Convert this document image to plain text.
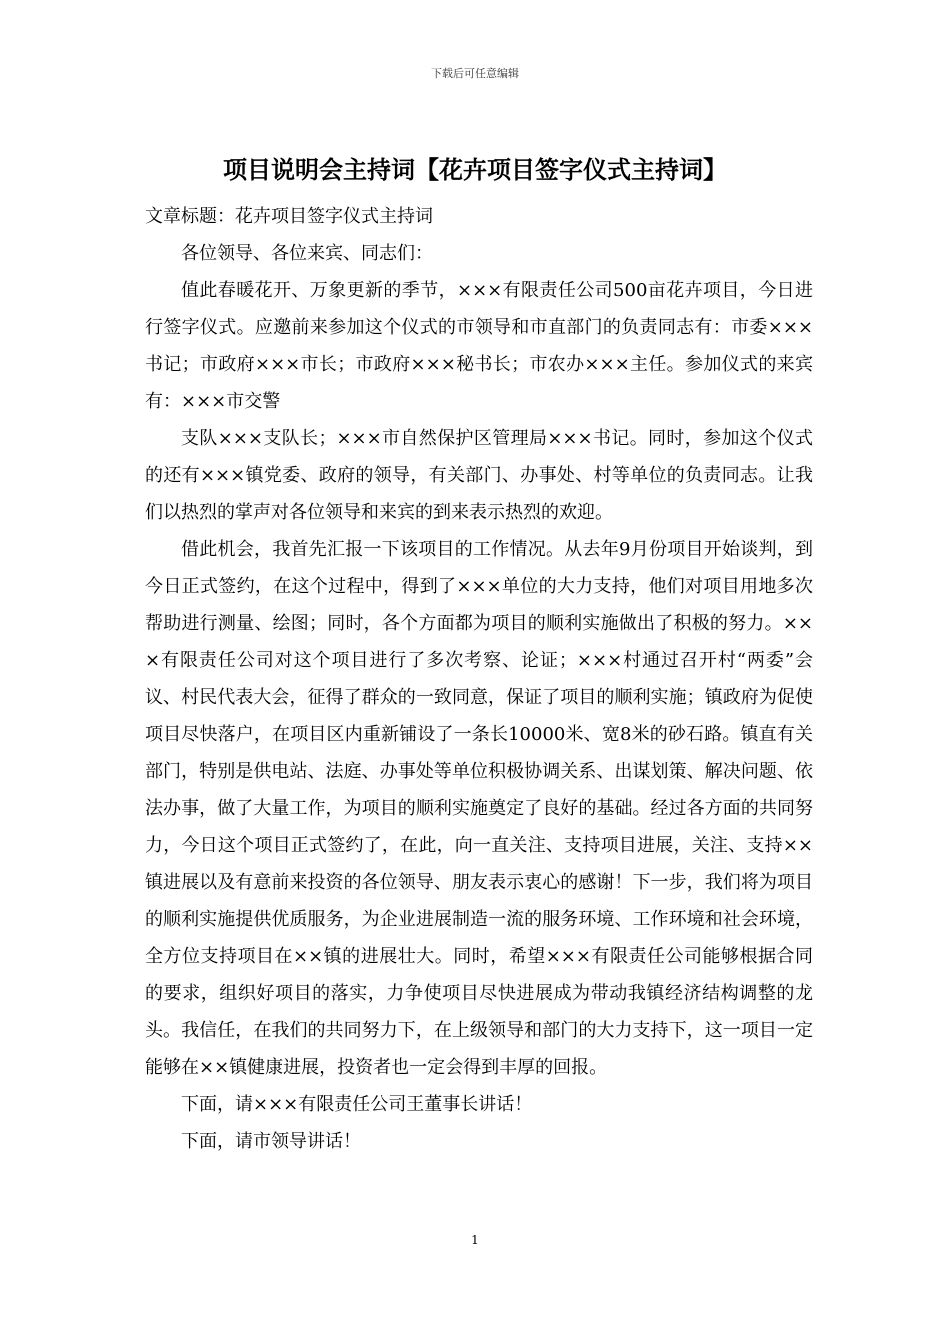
下载后可任意编辑
项目说明会主持词【花卉项目签字仪式主持词】

文章标题：花卉项目签字仪式主持词

各位领导、各位来宾、同志们：

值此春暖花开、万象更新的季节，×××有限责任公司500亩花卉项目，今日进行签字仪式。应邀前来参加这个仪式的市领导和市直部门的负责同志有：市委×××书记；市政府×××市长；市政府×××秘书长；市农办×××主任。参加仪式的来宾有：×××市交警

支队×××支队长；×××市自然保护区管理局×××书记。同时，参加这个仪式的还有×××镇党委、政府的领导，有关部门、办事处、村等单位的负责同志。让我们以热烈的掌声对各位领导和来宾的到来表示热烈的欢迎。

借此机会，我首先汇报一下该项目的工作情况。从去年9月份项目开始谈判，到今日正式签约，在这个过程中，得到了×××单位的大力支持，他们对项目用地多次帮助进行测量、绘图；同时，各个方面都为项目的顺利实施做出了积极的努力。×××有限责任公司对这个项目进行了多次考察、论证；×××村通过召开村“两委”会议、村民代表大会，征得了群众的一致同意，保证了项目的顺利实施；镇政府为促使项目尽快落户，在项目区内重新铺设了一条长10000米、宽8米的砂石路。镇直有关部门，特别是供电站、法庭、办事处等单位积极协调关系、出谋划策、解决问题、依法办事，做了大量工作，为项目的顺利实施奠定了良好的基础。经过各方面的共同努力，今日这个项目正式签约了，在此，向一直关注、支持项目进展，关注、支持××镇进展以及有意前来投资的各位领导、朋友表示衷心的感谢！下一步，我们将为项目的顺利实施提供优质服务，为企业进展制造一流的服务环境、工作环境和社会环境，全方位支持项目在××镇的进展壮大。同时，希望×××有限责任公司能够根据合同的要求，组织好项目的落实，力争使项目尽快进展成为带动我镇经济结构调整的龙头。我信任，在我们的共同努力下，在上级领导和部门的大力支持下，这一项目一定能够在××镇健康进展，投资者也一定会得到丰厚的回报。

下面，请×××有限责任公司王董事长讲话！

下面，请市领导讲话！

1
